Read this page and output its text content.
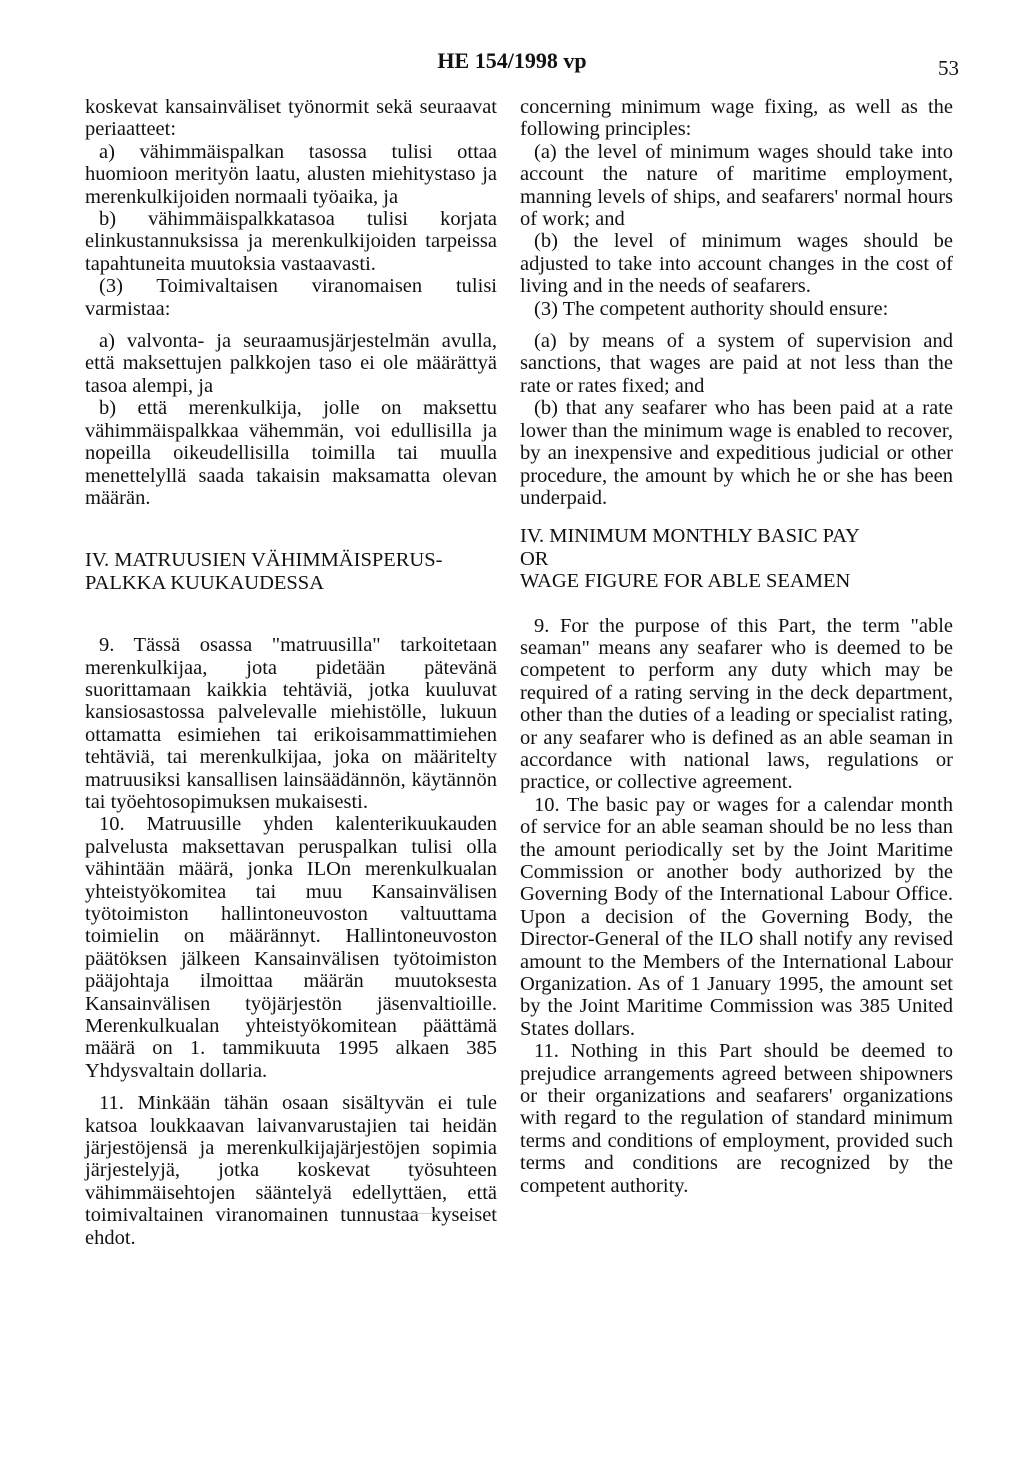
HE 154/1998 vp	53

koskevat kansainväliset työnormit sekä seuraavat periaatteet:

a) vähimmäispalkan tasossa tulisi ottaa huomioon merityön laatu, alusten miehitystaso ja merenkulkijoiden normaali työaika, ja

b) vähimmäispalkkatasoa tulisi korjata elinkustannuksissa ja merenkulkijoiden tarpeissa tapahtuneita muutoksia vastaavasti.

(3) Toimivaltaisen viranomaisen tulisi varmistaa:

a) valvonta- ja seuraamusjärjestelmän avulla, että maksettujen palkkojen taso ei ole määrättyä tasoa alempi, ja

b) että merenkulkija, jolle on maksettu vähimmäispalkkaa vähemmän, voi edullisilla ja nopeilla oikeudellisilla toimilla tai muulla menettelyllä saada takaisin maksamatta olevan määrän.

IV. MATRUUSIEN VÄHIMMÄISPERUS-PALKKA KUUKAUDESSA

9. Tässä osassa "matruusilla" tarkoitetaan merenkulkijaa, jota pidetään pätevänä suorittamaan kaikkia tehtäviä, jotka kuuluvat kansiosastossa palvelevalle miehistölle, lukuun ottamatta esimiehen tai erikoisammattimiehen tehtäviä, tai merenkulkijaa, joka on määritelty matruusiksi kansallisen lainsäädännön, käytännön tai työehtosopimuksen mukaisesti.

10. Matruusille yhden kalenterikuukauden palvelusta maksettavan peruspalkan tulisi olla vähintään määrä, jonka ILOn merenkulkualan yhteistyökomitea tai muu Kansainvälisen työtoimiston hallintoneuvoston valtuuttama toimielin on määrännyt. Hallintoneuvoston päätöksen jälkeen Kansainvälisen työtoimiston pääjohtaja ilmoittaa määrän muutoksesta Kansainvälisen työjärjestön jäsenvaltioille. Merenkulkualan yhteistyökomitean päättämä määrä on 1. tammikuuta 1995 alkaen 385 Yhdysvaltain dollaria.

11. Minkään tähän osaan sisältyvän ei tule katsoa loukkaavan laivanvarustajien tai heidän järjestöjensä ja merenkulkijajärjestöjen sopimia järjestelyjä, jotka koskevat työsuhteen vähimmäisehtojen sääntelyä edellyttäen, että toimivaltainen viranomainen tunnustaa kyseiset ehdot.

concerning minimum wage fixing, as well as the following principles:

(a) the level of minimum wages should take into account the nature of maritime employment, manning levels of ships, and seafarers' normal hours of work; and

(b) the level of minimum wages should be adjusted to take into account changes in the cost of living and in the needs of seafarers.

(3) The competent authority should ensure:

(a) by means of a system of supervision and sanctions, that wages are paid at not less than the rate or rates fixed; and

(b) that any seafarer who has been paid at a rate lower than the minimum wage is enabled to recover, by an inexpensive and expeditious judicial or other procedure, the amount by which he or she has been underpaid.

IV. MINIMUM MONTHLY BASIC PAY
OR
WAGE FIGURE FOR ABLE SEAMEN

9. For the purpose of this Part, the term "able seaman" means any seafarer who is deemed to be competent to perform any duty which may be required of a rating serving in the deck department, other than the duties of a leading or specialist rating, or any seafarer who is defined as an able seaman in accordance with national laws, regulations or practice, or collective agreement.

10. The basic pay or wages for a calendar month of service for an able seaman should be no less than the amount periodically set by the Joint Maritime Commission or another body authorized by the Governing Body of the International Labour Office. Upon a decision of the Governing Body, the Director-General of the ILO shall notify any revised amount to the Members of the International Labour Organization. As of 1 January 1995, the amount set by the Joint Maritime Commission was 385 United States dollars.

11. Nothing in this Part should be deemed to prejudice arrangements agreed between shipowners or their organizations and seafarers' organizations with regard to the regulation of standard minimum terms and conditions of employment, provided such terms and conditions are recognized by the competent authority.
